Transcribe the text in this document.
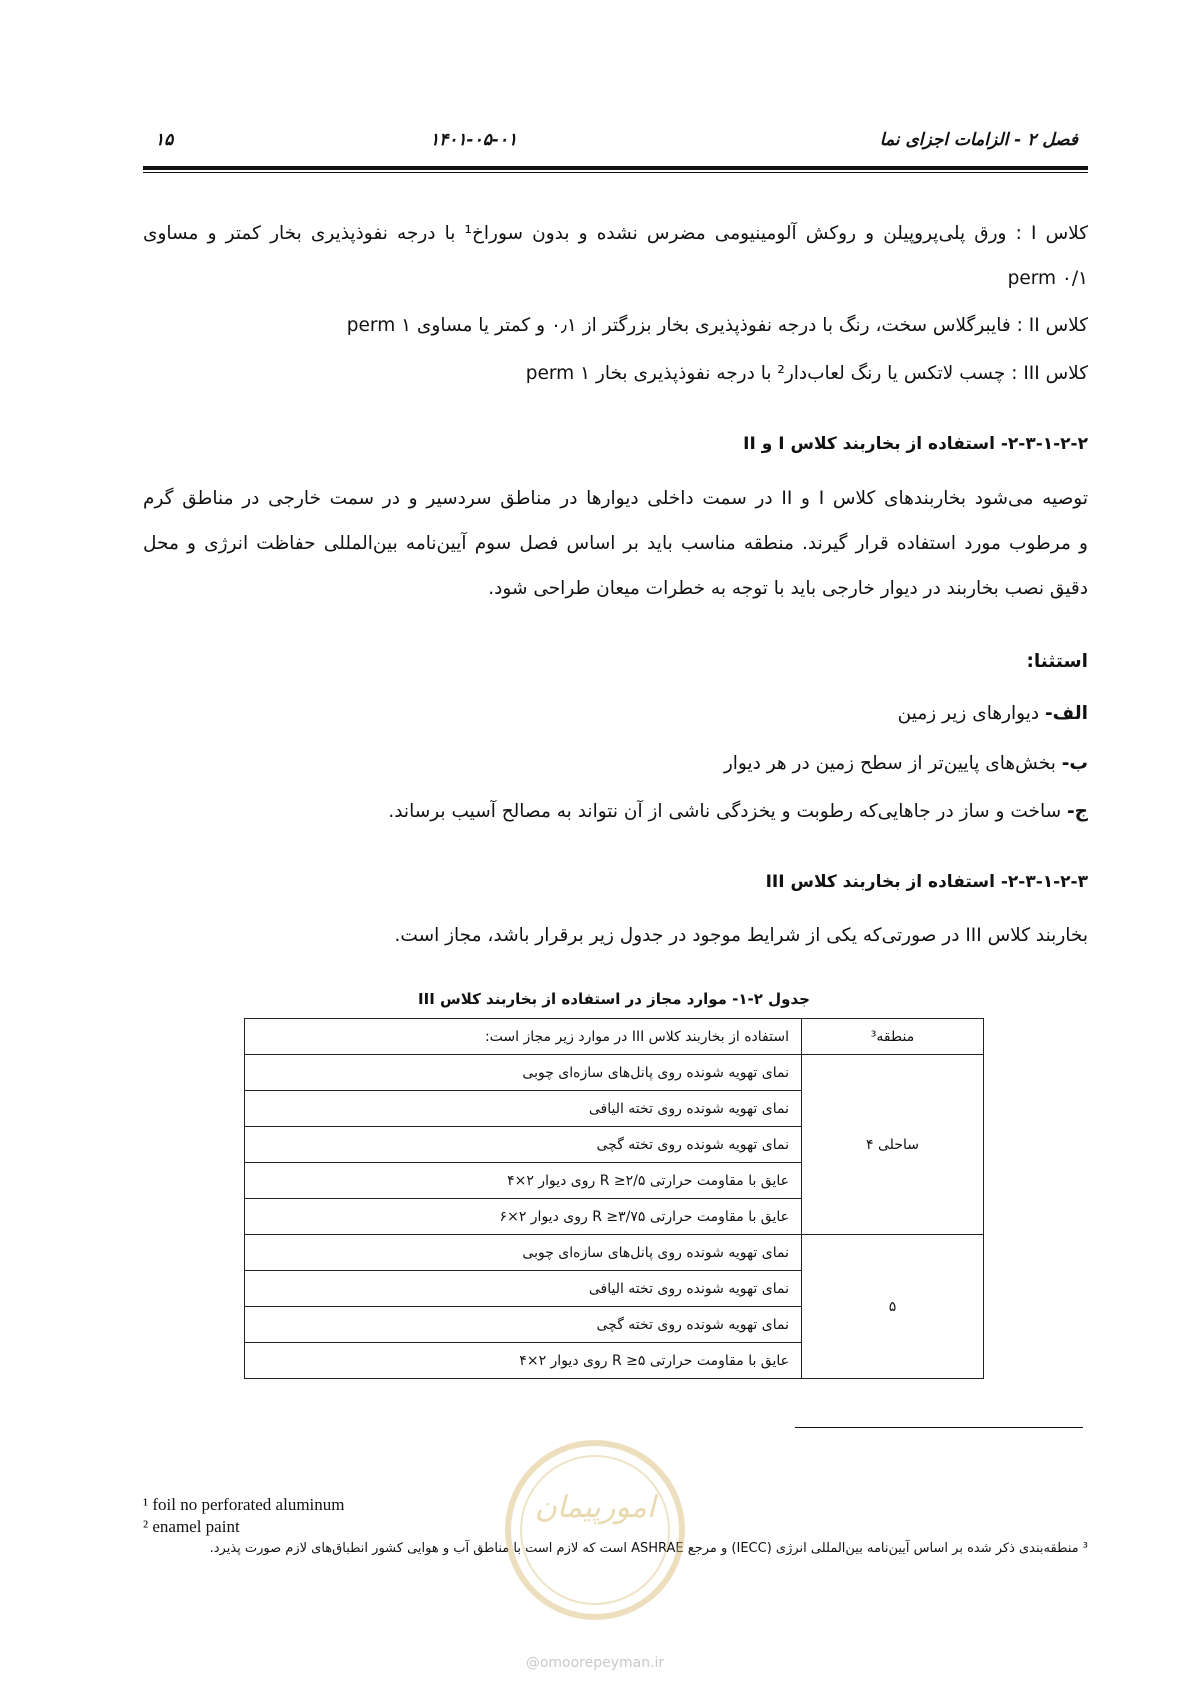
۱۵	۱۴۰۱-۰۵-۰۱	فصل ۲ - الزامات اجزای نما
کلاس I : ورق پلی‌پروپیلن و روکش آلومینیومی مضرس نشده و بدون سوراخ¹ با درجه نفوذپذیری بخار کمتر و مساوی
perm ۰/۱
کلاس II : فایبرگلاس سخت، رنگ با درجه نفوذپذیری بخار بزرگتر از ۰٫۱ و کمتر یا مساوی perm ۱
کلاس III : چسب لاتکس یا رنگ لعاب‌دار² با درجه نفوذپذیری بخار perm ۱
۲-۳-۱-۲-۲- استفاده از بخاربند کلاس I و II
توصیه می‌شود بخاربندهای کلاس I و II در سمت داخلی دیوارها در مناطق سردسیر و در سمت خارجی در مناطق گرم
و مرطوب مورد استفاده قرار گیرند. منطقه مناسب باید بر اساس فصل سوم آیین‌نامه بین‌المللی حفاظت انرژی و محل
دقیق نصب بخاربند در دیوار خارجی باید با توجه به خطرات میعان طراحی شود.
استثنا:
الف- دیوارهای زیر زمین
ب- بخش‌های پایین‌تر از سطح زمین در هر دیوار
ج- ساخت و ساز در جاهایی‌که رطوبت و یخزدگی ناشی از آن نتواند به مصالح آسیب برساند.
۲-۳-۱-۲-۳- استفاده از بخاربند کلاس III
بخاربند کلاس III در صورتی‌که یکی از شرایط موجود در جدول زیر برقرار باشد، مجاز است.
جدول ۲-۱- موارد مجاز در استفاده از بخاربند کلاس III
منطقه³	استفاده از بخاربند کلاس III در موارد زیر مجاز است:
ساحلی ۴	نمای تهویه شونده روی پانل‌های سازه‌ای چوبی
	نمای تهویه شونده روی تخته الیافی
	نمای تهویه شونده روی تخته گچی
	عایق با مقاومت حرارتی ۲/۵≤ R روی دیوار ۲×۴
	عایق با مقاومت حرارتی ۳/۷۵≤ R روی دیوار ۲×۶
۵	نمای تهویه شونده روی پانل‌های سازه‌ای چوبی
	نمای تهویه شونده روی تخته الیافی
	نمای تهویه شونده روی تخته گچی
	عایق با مقاومت حرارتی ۵≤ R روی دیوار ۲×۴
¹ foil no perforated aluminum
² enamel paint
³ منطقه‌بندی ذکر شده بر اساس آیین‌نامه بین‌المللی انرژی (IECC) و مرجع ASHRAE است که لازم است با مناطق آب و هوایی کشور انطباق‌های لازم صورت پذیرد.
امورپیمان
@omoorepeyman.ir
